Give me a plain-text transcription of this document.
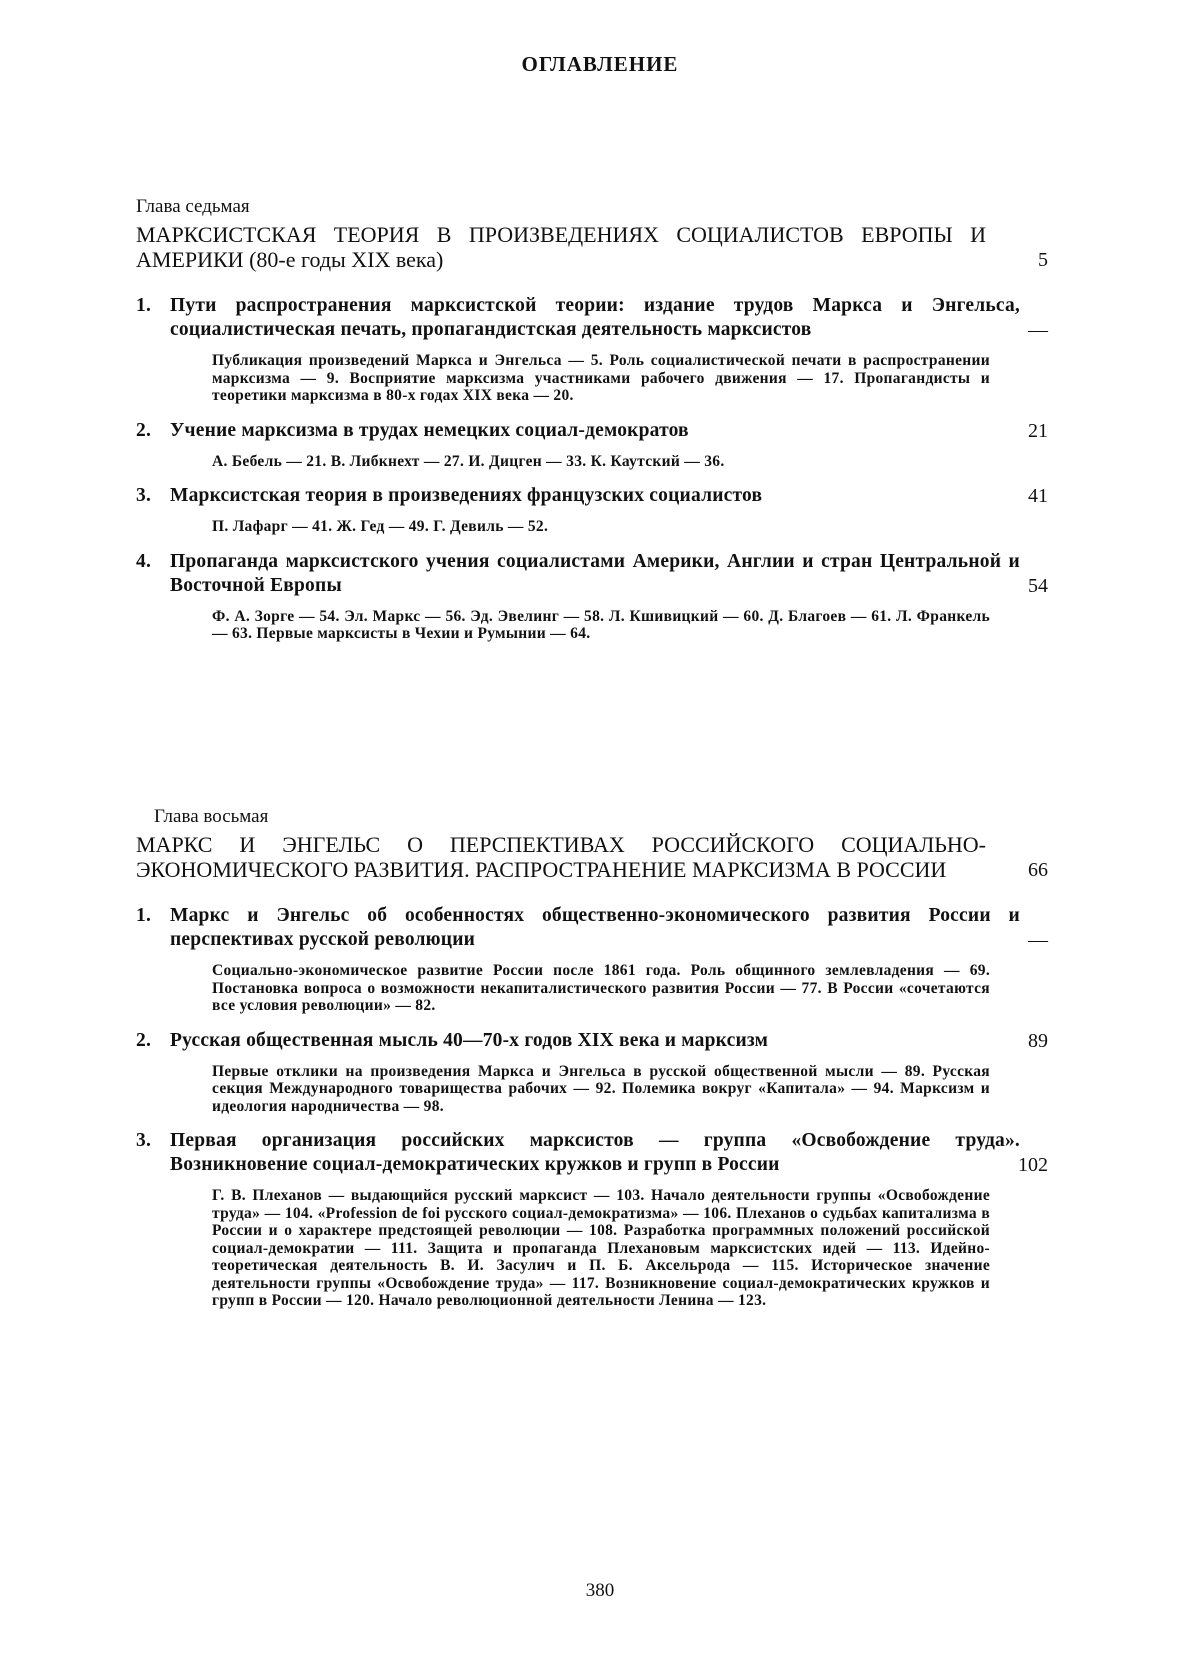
ОГЛАВЛЕНИЕ
Глава седьмая
МАРКСИСТСКАЯ ТЕОРИЯ В ПРОИЗВЕДЕНИЯХ СОЦИАЛИСТОВ ЕВРОПЫ И АМЕРИКИ (80-е годы XIX века)	5
1. Пути распространения марксистской теории: издание трудов Маркса и Энгельса, социалистическая печать, пропагандистская деятельность марксистов	—
Публикация произведений Маркса и Энгельса — 5. Роль социалистической печати в распространении марксизма — 9. Восприятие марксизма участниками рабочего движения — 17. Пропагандисты и теоретики марксизма в 80-х годах XIX века — 20.
2. Учение марксизма в трудах немецких социал-демократов	21
А. Бебель — 21. В. Либкнехт — 27. И. Дицген — 33. К. Каутский — 36.
3. Марксистская теория в произведениях французских социалистов	41
П. Лафарг — 41. Ж. Гед — 49. Г. Девиль — 52.
4. Пропаганда марксистского учения социалистами Америки, Англии и стран Центральной и Восточной Европы	54
Ф. А. Зорге — 54. Эл. Маркс — 56. Эд. Эвелинг — 58. Л. Кшивицкий — 60. Д. Благоев — 61. Л. Франкель — 63. Первые марксисты в Чехии и Румынии — 64.
Глава восьмая
МАРКС И ЭНГЕЛЬС О ПЕРСПЕКТИВАХ РОССИЙСКОГО СОЦИАЛЬНО-ЭКОНОМИЧЕСКОГО РАЗВИТИЯ. РАСПРОСТРАНЕНИЕ МАРКСИЗМА В РОССИИ	66
1. Маркс и Энгельс об особенностях общественно-экономического развития России и перспективах русской революции	—
Социально-экономическое развитие России после 1861 года. Роль общинного землевладения — 69. Постановка вопроса о возможности некапиталистического развития России — 77. В России «сочетаются все условия революции» — 82.
2. Русская общественная мысль 40—70-х годов XIX века и марксизм	89
Первые отклики на произведения Маркса и Энгельса в русской общественной мысли — 89. Русская секция Международного товарищества рабочих — 92. Полемика вокруг «Капитала» — 94. Марксизм и идеология народничества — 98.
3. Первая организация российских марксистов — группа «Освобождение труда». Возникновение социал-демократических кружков и групп в России	102
Г. В. Плеханов — выдающийся русский марксист — 103. Начало деятельности группы «Освобождение труда» — 104. «Profession de foi русского социал-демократизма» — 106. Плеханов о судьбах капитализма в России и о характере предстоящей революции — 108. Разработка программных положений российской социал-демократии — 111. Защита и пропаганда Плехановым марксистских идей — 113. Идейно-теоретическая деятельность В. И. Засулич и П. Б. Аксельрода — 115. Историческое значение деятельности группы «Освобождение труда» — 117. Возникновение социал-демократических кружков и групп в России — 120. Начало революционной деятельности Ленина — 123.
380
